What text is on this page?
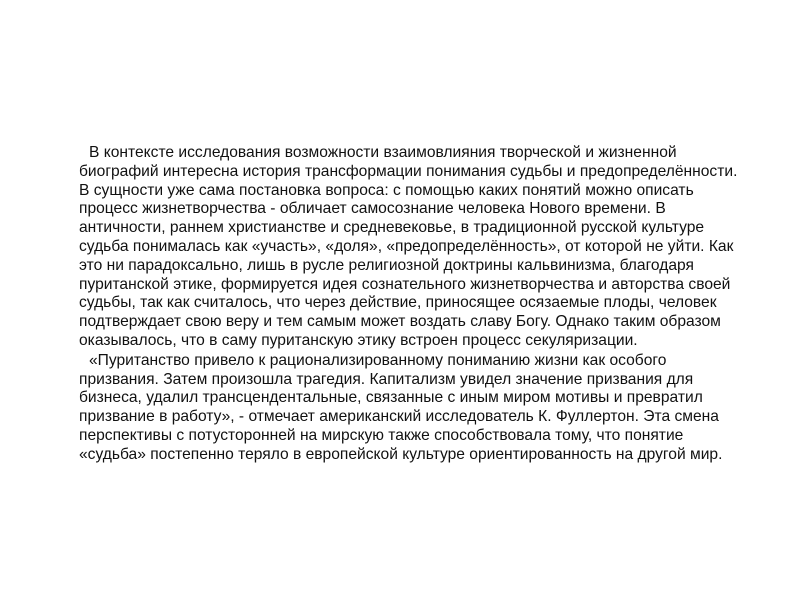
В контексте исследования возможности взаимовлияния творческой и жизненной биографий интересна история трансформации понимания судьбы и предопределённости. В сущности уже сама постановка вопроса: с помощью каких понятий можно описать процесс жизнетворчества - обличает самосознание человека Нового времени. В античности, раннем христианстве и средневековье, в традиционной русской культуре судьба понималась как «участь», «доля», «предопределённость», от которой не уйти. Как это ни парадоксально, лишь в русле религиозной доктрины кальвинизма, благодаря пуританской этике, формируется идея сознательного жизнетворчества и авторства своей судьбы, так как считалось, что через действие, приносящее осязаемые плоды, человек подтверждает свою веру и тем самым может воздать славу Богу. Однако таким образом оказывалось, что в саму пуританскую этику встроен процесс секуляризации.

«Пуританство привело к рационализированному пониманию жизни как особого призвания. Затем произошла трагедия. Капитализм увидел значение призвания для бизнеса, удалил трансцендентальные, связанные с иным миром мотивы и превратил призвание в работу», - отмечает американский исследователь К. Фуллертон. Эта смена перспективы с потусторонней на мирскую также способствовала тому, что понятие «судьба» постепенно теряло в европейской культуре ориентированность на другой мир.
